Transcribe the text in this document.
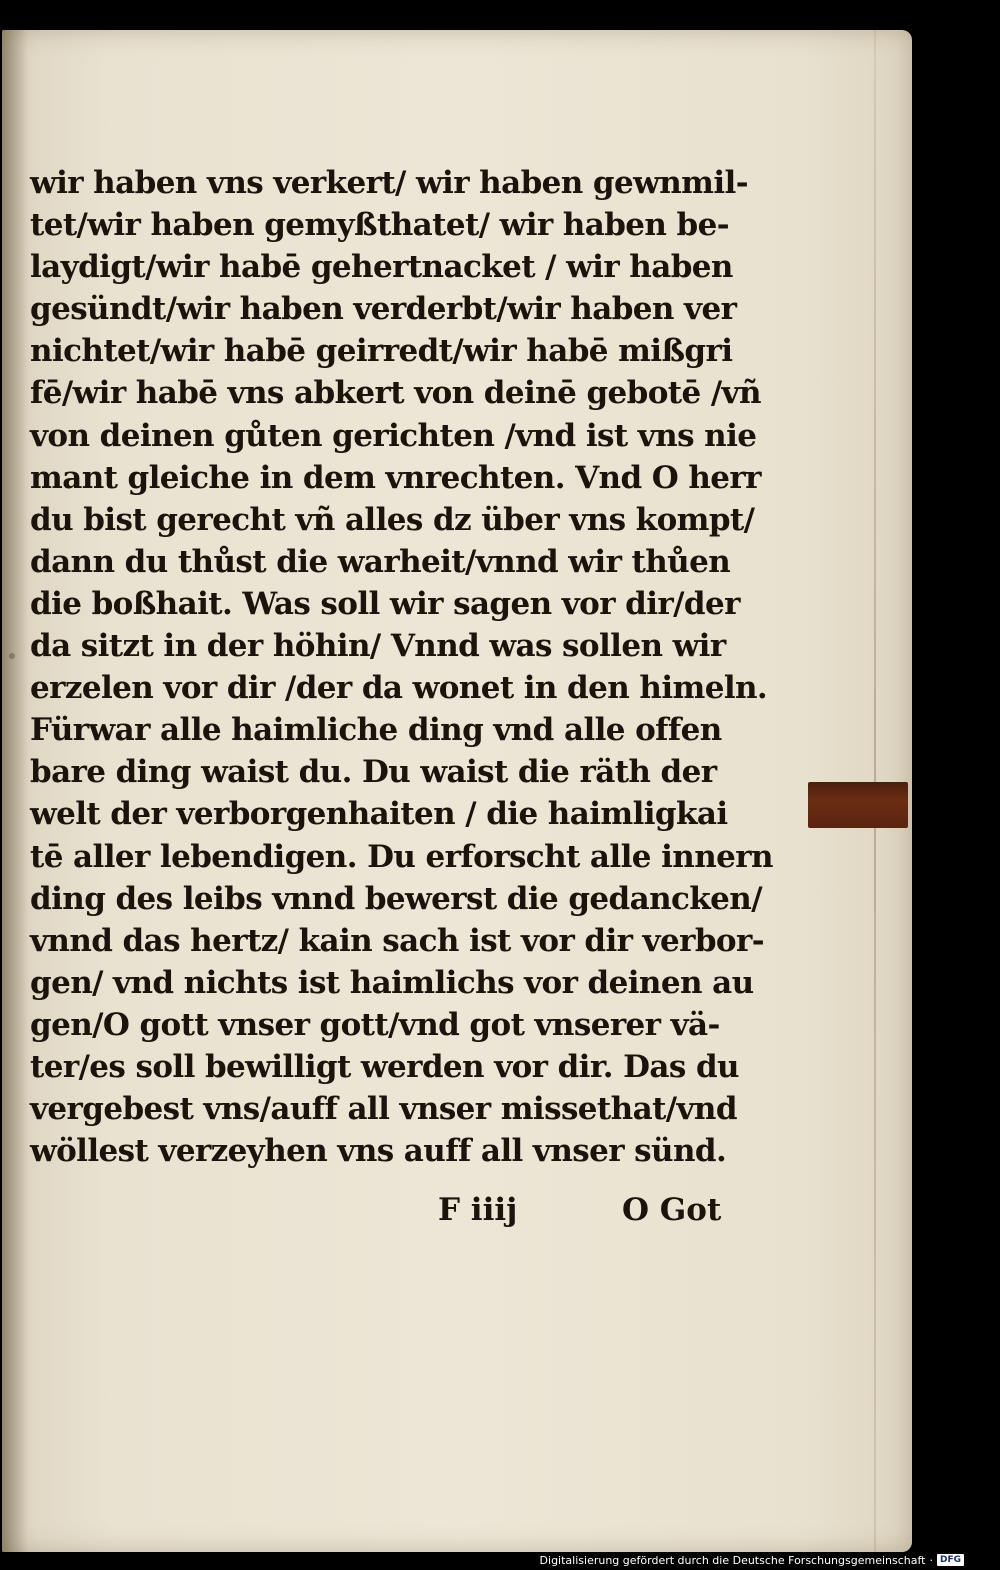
wir haben vns verkert/ wir haben gewnmil-
tet/wir haben gemyßthatet/ wir haben be-
laydigt/wir habē gehertnacket / wir haben
gesündt/wir haben verderbt/wir haben ver
nichtet/wir habē geirredt/wir habē mißgri
fē/wir habē vns abkert von deinē gebotē /vñ
von deinen gůten gerichten /vnd ist vns nie
mant gleiche in dem vnrechten. Vnd O herr
du bist gerecht vñ alles dz über vns kompt/
dann du thůst die warheit/vnnd wir thůen
die boßhait. Was soll wir sagen vor dir/der
da sitzt in der höhin/ Vnnd was sollen wir
erzelen vor dir /der da wonet in den himeln.
Fürwar alle haimliche ding vnd alle offen
bare ding waist du. Du waist die räth der
welt der verborgenhaiten / die haimligkai
tē aller lebendigen. Du erforscht alle innern
ding des leibs vnnd bewerst die gedancken/
vnnd das hertz/ kain sach ist vor dir verbor-
gen/ vnd nichts ist haimlichs vor deinen au
gen/O gott vnser gott/vnd got vnserer vä-
ter/es soll bewilligt werden vor dir. Das du
vergebest vns/auff all vnser missethat/vnd
wöllest verzeyhen vns auff all vnser sünd.
F iiij	O Got
Digitalisierung gefördert durch die Deutsche Forschungsgemeinschaft · DFG
